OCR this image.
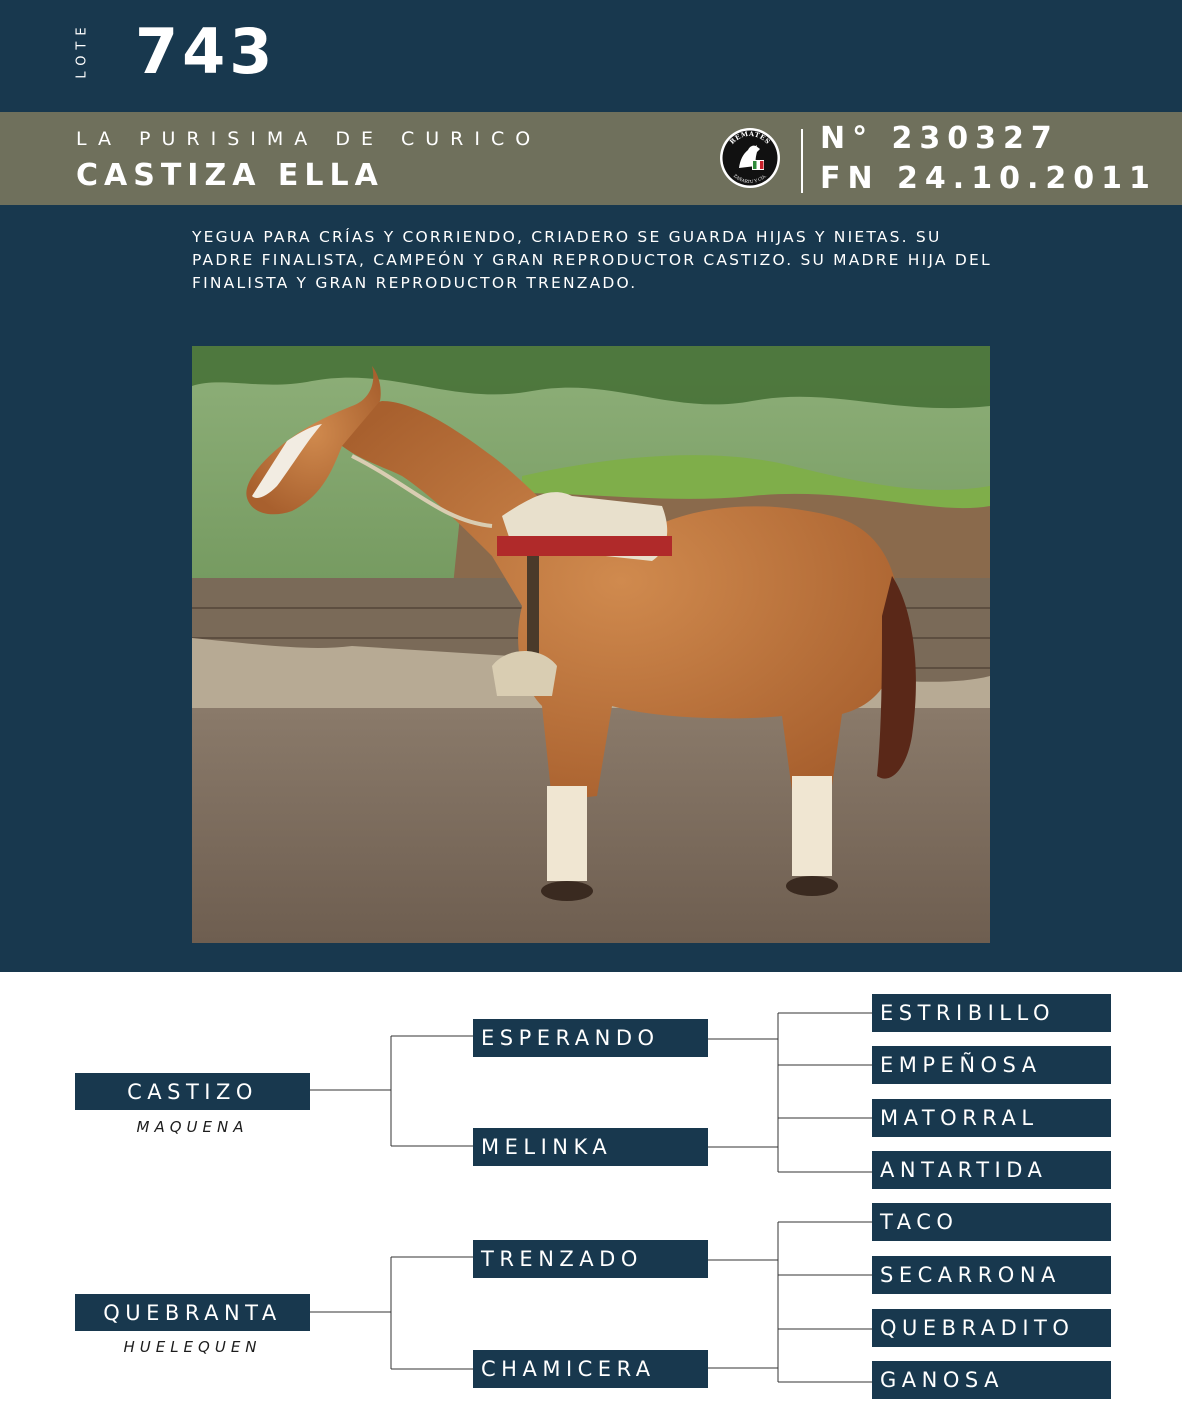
LOTE 743
LA PURISIMA DE CURICO
CASTIZA ELLA
REMATES
ZAÑARTU Y CIA.
N° 230327
FN 24.10.2011

YEGUA PARA CRÍAS Y CORRIENDO, CRIADERO SE GUARDA HIJAS Y NIETAS. SU PADRE FINALISTA, CAMPEÓN Y GRAN REPRODUCTOR CASTIZO. SU MADRE HIJA DEL FINALISTA Y GRAN REPRODUCTOR TRENZADO.

CASTIZO
MAQUENA
QUEBRANTA
HUELEQUEN
ESPERANDO
MELINKA
TRENZADO
CHAMICERA
ESTRIBILLO
EMPEÑOSA
MATORRAL
ANTARTIDA
TACO
SECARRONA
QUEBRADITO
GANOSA
